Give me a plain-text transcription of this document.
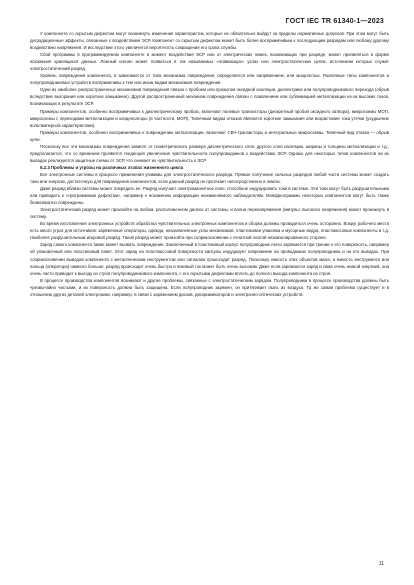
ГОСТ IEC TR 61340-1—2023

У компонента со скрытым дефектом могут возникнуть изменения характеристик, которые не обязательно выйдут за пределы нормативных допусков. При этом могут быть деградационные эффекты, связанные с воздействием ЭСР. Компонент со скрытым дефектом может быть более восприимчивым к последующим разрядам или любому другому воздействию напряжения. И исследствие этого увеличится вероятность сокращения его срока службы.

Сбой программы в программируемом компоненте в момент воздействия ЭСР или от электрических помех, возникающих при разряде, может проявляться в форме искажения хранящихся данных. Ложный сигнал может появиться в так называемых «плавающих» узлах или электростатических цепях, источником которых служит электростатический разряд.

Уровень повреждения компонента, в зависимости от типа механизма повреждения, определяется или напряжением, или мощностью. Различные типы компонентов и полупроводниковых устройств восприимчивы к тем или иным видам механизмов повреждения.

Одни из наиболее распространенных механизмов повреждения связан с пробоем или прожогом оксидной изоляции, диэлектрика или полупроводникового перехода (обрыв вследствие выгорания или короткое замыкание). Другой распространенный механизм повреждения связан с плавлением или сублимацией металлизации из-за высоких токов, возникающих в результате ЭСР.

Примеры компонентов, особенно восприимчивых к диэлектрическому пробою, включают полевые транзисторы (дискретный пробой оксидного затвора), микросхемы МОП, микросхемы с переходами металлизации и конденсаторы (в частности, МОП). Типичным видом отказов являются короткие замыкания или возрастание тока утечки (ухудшение вольтамперной характеристики).

Примеры компонентов, особенно восприимчивых к повреждению металлизации, включают СВЧ-транзисторы и интегральные микросхемы. Типичный вид отказа — обрыв цепи.

Поскольку все эти механизмы повреждения зависят от геометрического размера диэлектрического слоя, другого слоя изоляции, ширины и толщины металлизации и т.д., предполагается, что со временем проявится тенденция увеличения чувствительности полупроводников к воздействию ЭСР. Однако для некоторых типов компонентов на их выводах реализуются защитные схемы от ЭСР, что снижает их чувствительность к ЭСР.

5.2.3 Проблемы и угрозы на различных этапах жизненного цикла

Все электронные системы в процессе применения уязвимы для электростатического разряда. Прямое получение сильных разрядов любой части системы может создать токи или энергию, достаточную для повреждения компонентов, если данный разряд не протекает непосредственно в землю.

Даже разряд вблизи системы может повредить ее. Разряд излучает электромагнитное поле, способное индуцировать токи в системе. Эти токи могут быть разрушительными или приводить к «программным дефектам», например к искажению информации неизменяемого наблюдателям. Мэнфреограммы некоторых компонентов могут быть также безвозвратно повреждены.

Электростатический разряд может произойти на любом, расположенном далеко от системы, и волна перенапряжения (импульс высокого напряжения) может проникнуть в систему.

Во время изготовления электронных устройств обработка чувствительных электронных компонентов и сборка должны проводиться очень осторожно. Вокруг рабочего места есть много угроз для источников: заряженные операторы, одежда, незаземленные узлы механизмов, пластиковая упаковка и мусорные ведра, пластмассовые компоненты и т.д. Наиболее разрушительным искровой разряд. Такой разряд может произойти при соприкосновении с печатной платой незаизолированного стороне.

Заряд самого компонента также может вызвать повреждение. Заключенный в пластиковый корпус полупроводник легко заряжается при трении о его поверхность, например об упаковочный или пластиковый пакет. Этот заряд на пластмассовой поверхности капсулы индуцирует напряжение на проводниках полупроводника и на его выводах. При соприкосновении выводов компонента с металлическим инструментом или сигналом происходит разряд. Поскольку емкость этих объектов мала, а емкость инструмента или пальца (оператора) намного больше, разряд происходит очень быстро и пиковый ток может быть очень высоким. Даже если заряжаются заряд и сама очень низкой энергией, она очень часто приводит к выходу из строя полупроводникового компонента, с его скрытыми дефектами вплоть до полного выхода компонента из строя.

В процессе производства компонентов возникают и другие проблемы, связанные с электростатическим зарядом. Полупроводники в процессе производства должны быть чрезвычайно чистыми, и их поверхность должна быть защищена. Если полупроводник заряжен, он притягивает пыль из воздуха. Та же самая проблема существует и в отношении других деталей электроники, например, в связи с заряжением дисков, дискриминаторов и электронно-оптических устройств.

11
